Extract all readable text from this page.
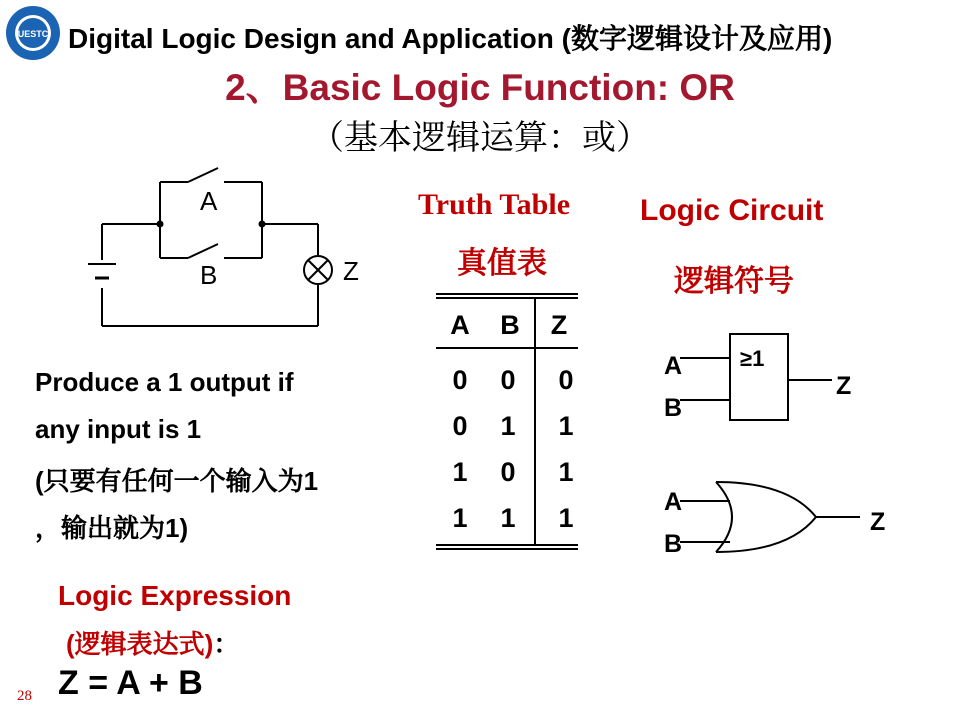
UESTC Digital Logic Design and Application (数字逻辑设计及应用)
2、Basic Logic Function: OR
（基本逻辑运算：或）
A
B	Z
Truth Table
真值表
A B Z
0 0 0
0 1 1
1 0 1
1 1 1
Logic Circuit
逻辑符号
A
B
≥1
Z
A
B
Z
Produce a 1 output if
any input is 1
(只要有任何一个输入为1
，输出就为1)
Logic Expression
(逻辑表达式)：
Z = A + B
28
